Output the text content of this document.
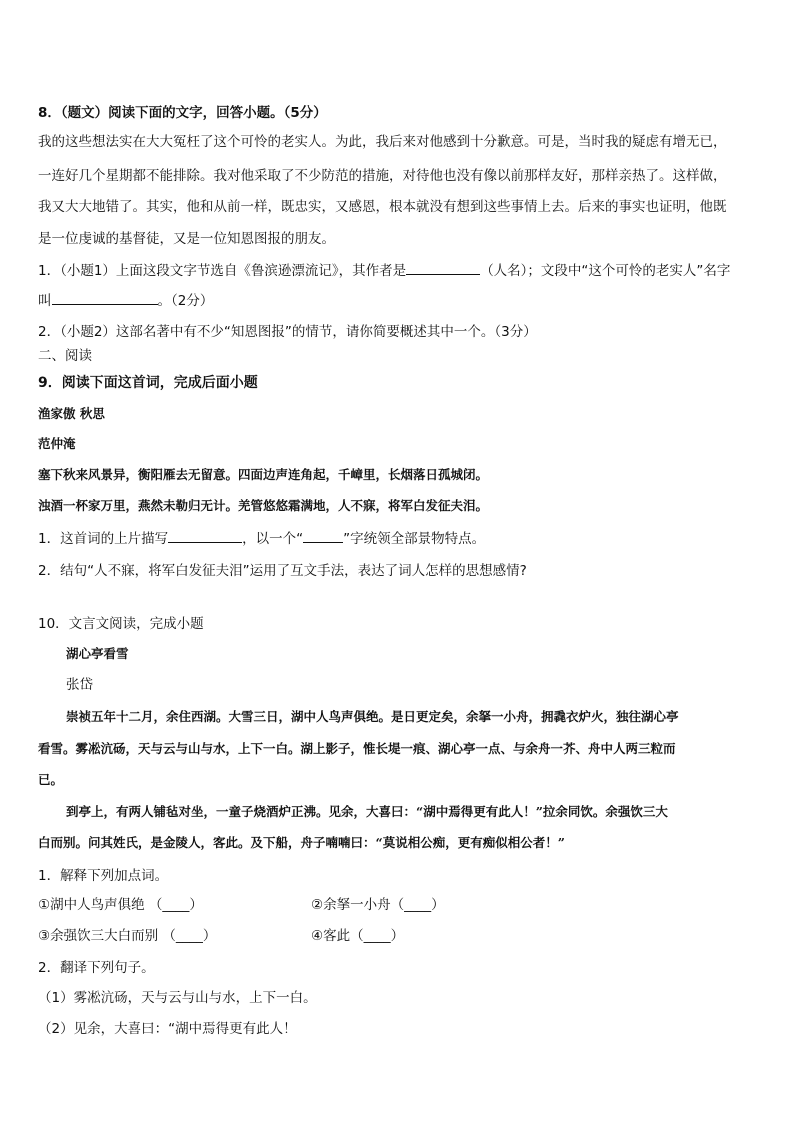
8．（题文）阅读下面的文字，回答小题。（5分）
我的这些想法实在大大冤枉了这个可怜的老实人。为此，我后来对他感到十分歉意。可是，当时我的疑虑有增无已，
一连好几个星期都不能排除。我对他采取了不少防范的措施，对待他也没有像以前那样友好，那样亲热了。这样做，
我又大大地错了。其实，他和从前一样，既忠实，又感恩，根本就没有想到这些事情上去。后来的事实也证明，他既
是一位虔诚的基督徒，又是一位知恩图报的朋友。
1．（小题1）上面这段文字节选自《鲁滨逊漂流记》，其作者是	（人名）；文段中“这个可怜的老实人”名字
叫	。（2分）
2．（小题2）这部名著中有不少“知恩图报”的情节，请你简要概述其中一个。（3分）
二、阅读
9．阅读下面这首词，完成后面小题
渔家傲 秋思
范仲淹
塞下秋来风景异，衡阳雁去无留意。四面边声连角起，千嶂里，长烟落日孤城闭。
浊酒一杯家万里，燕然未勒归无计。羌管悠悠霜满地，人不寐，将军白发征夫泪。
1．这首词的上片描写	，以一个“	”字统领全部景物特点。
2．结句“人不寐，将军白发征夫泪”运用了互文手法，表达了词人怎样的思想感情?
10．文言文阅读，完成小题
湖心亭看雪
张岱
崇祯五年十二月，余住西湖。大雪三日，湖中人鸟声俱绝。是日更定矣，余拏一小舟，拥毳衣炉火，独往湖心亭
看雪。雾凇沆砀，天与云与山与水，上下一白。湖上影子，惟长堤一痕、湖心亭一点、与余舟一芥、舟中人两三粒而
已。
到亭上，有两人铺毡对坐，一童子烧酒炉正沸。见余，大喜曰：“湖中焉得更有此人！”拉余同饮。余强饮三大
白而别。问其姓氏，是金陵人，客此。及下船，舟子喃喃曰：“莫说相公痴，更有痴似相公者！”
1．解释下列加点词。
①湖中人鸟声俱绝 （____）	②余拏一小舟（____）
③余强饮三大白而别 （____）	④客此（____）
2．翻译下列句子。
（1）雾凇沆砀，天与云与山与水，上下一白。
（2）见余，大喜曰：“湖中焉得更有此人！
